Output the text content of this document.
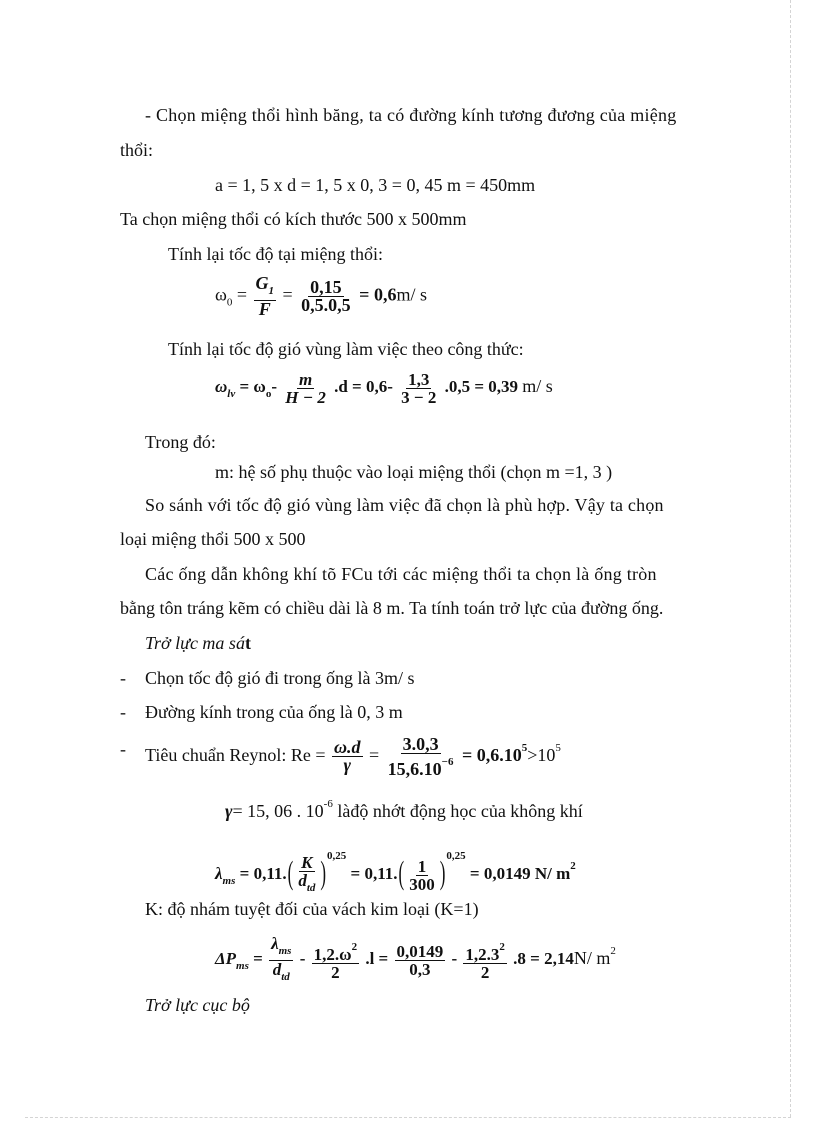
- Chọn miệng thổi hình băng, ta có đường kính tương đương của miệng
thổi:
a = 1, 5 x d = 1, 5 x 0, 3 = 0, 45 m = 450mm
Ta chọn miệng thổi có kích thước 500 x 500mm
Tính lại tốc độ tại miệng thổi:
$\omega_0 = \frac{G_1}{F} = \frac{0,15}{0,5.0,5} = 0,6m/$ s
Tính lại tốc độ gió vùng làm việc theo công thức:
$\omega_{lv} = \omega_o- \frac{m}{H - 2} .d = 0,6- \frac{1,3}{3 - 2} .0,5 = 0,39$ m/ s
Trong đó:
m: hệ số phụ thuộc vào loại miệng thổi (chọn m =1, 3 )
So sánh với tốc độ gió vùng làm việc đã chọn là phù hợp. Vậy ta chọn
loại miệng thổi 500 x 500
Các ống dẫn không khí tõ FCu tới các miệng thổi ta chọn là ống tròn
bằng tôn tráng kẽm có chiều dài là 8 m. Ta tính toán trở lực của đường ống.
Trở lực ma sát
- Chọn tốc độ gió đi trong ống là 3m/ s
- Đường kính trong của ống là 0, 3 m
- Tiêu chuẩn Reynol: $Re = \frac{\omega.d}{\gamma} = \frac{3.0,3}{15,6.10^{-6}} = 0,6.10^5>10^5$
γ= 15, 06 . $10^{-6}$ làđộ nhớt động học của không khí
$\lambda_{ms} = 0,11.( \frac{K}{d_{td}} )^{0,25} = 0,11.( \frac{1}{300} )^{0,25} = 0,0149$ N/ $m^2$
K: độ nhám tuyệt đối của vách kim loại (K=1)
$\Delta P_{ms} = \frac{\lambda_{ms}}{d_{td}} - \frac{1,2.\omega^2}{2} .l = \frac{0,0149}{0,3} - \frac{1,2.3^2}{2} .8 = 2,14N/$ $m^2$
Trở lực cục bộ
